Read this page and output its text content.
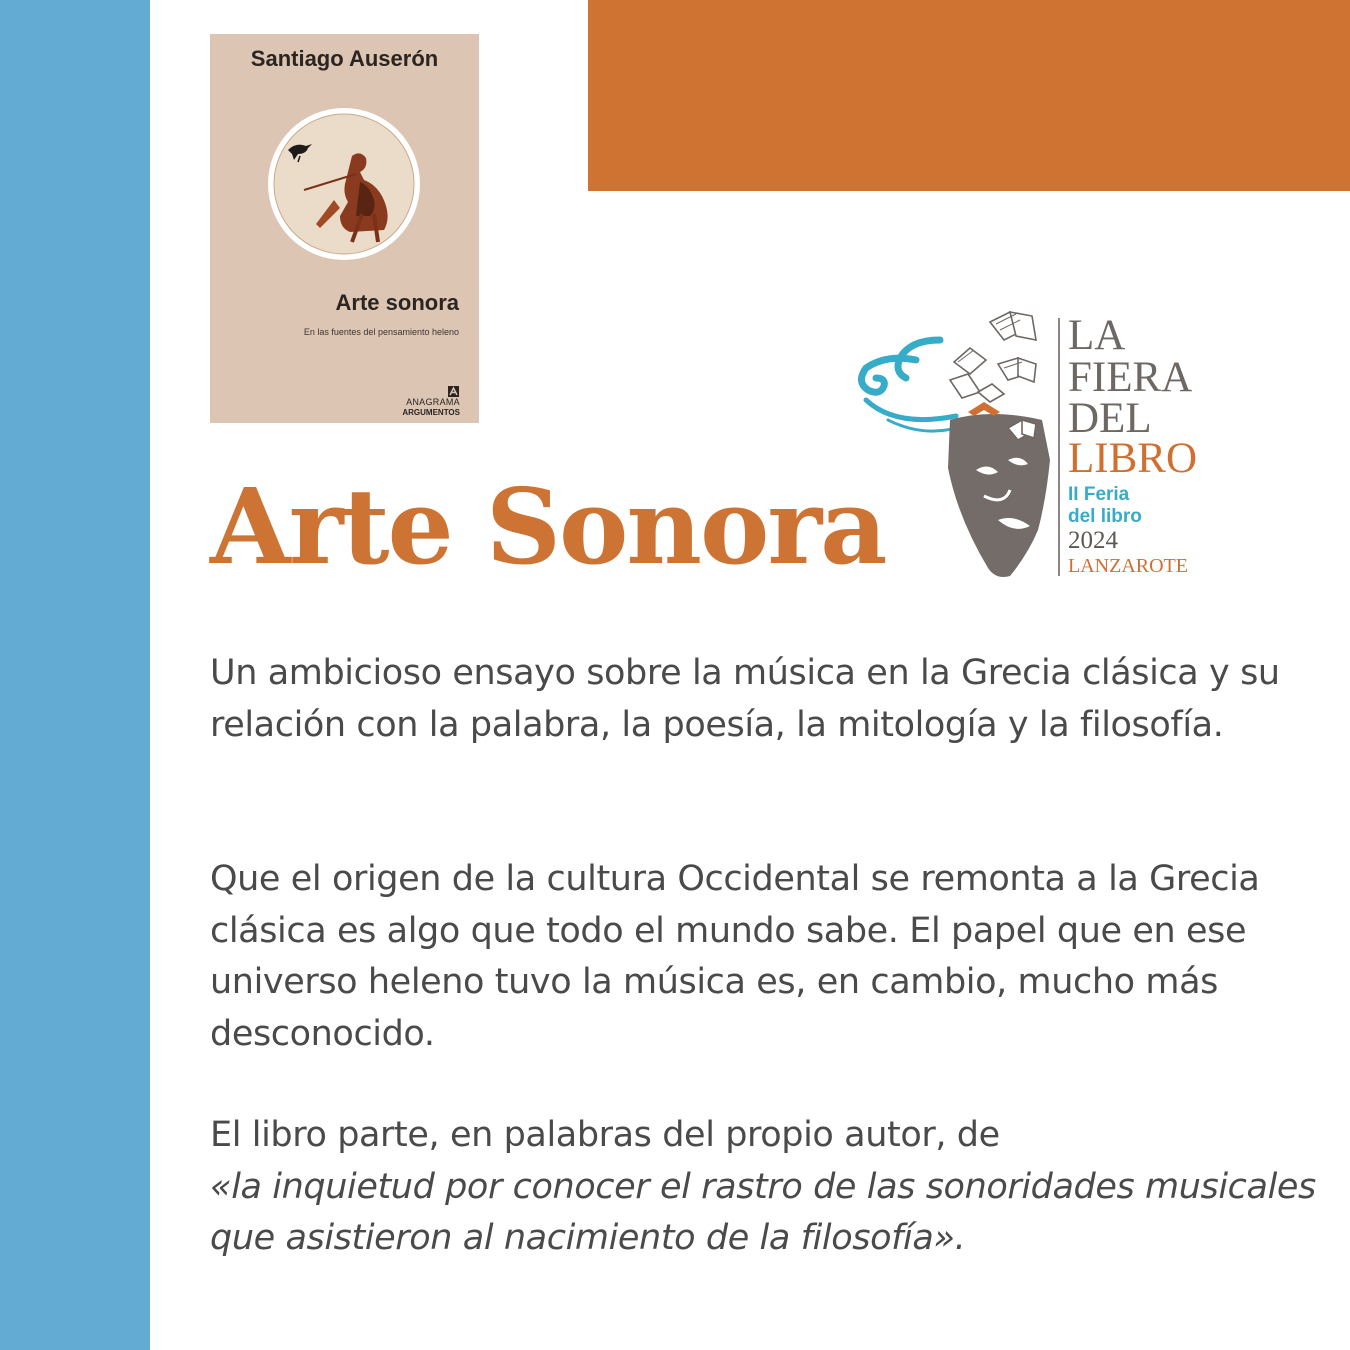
Santiago Auserón
Arte sonora
En las fuentes del pensamiento heleno
ANAGRAMA
ARGUMENTOS
Arte Sonora
LA
FIERA
DEL
LIBRO
II Feria
del libro
2024
LANZAROTE

Un ambicioso ensayo sobre la música en la Grecia clásica y su relación con la palabra, la poesía, la mitología y la filosofía.

Que el origen de la cultura Occidental se remonta a la Grecia clásica es algo que todo el mundo sabe. El papel que en ese universo heleno tuvo la música es, en cambio, mucho más desconocido.

El libro parte, en palabras del propio autor, de
«la inquietud por conocer el rastro de las sonoridades musicales que asistieron al nacimiento de la filosofía».
